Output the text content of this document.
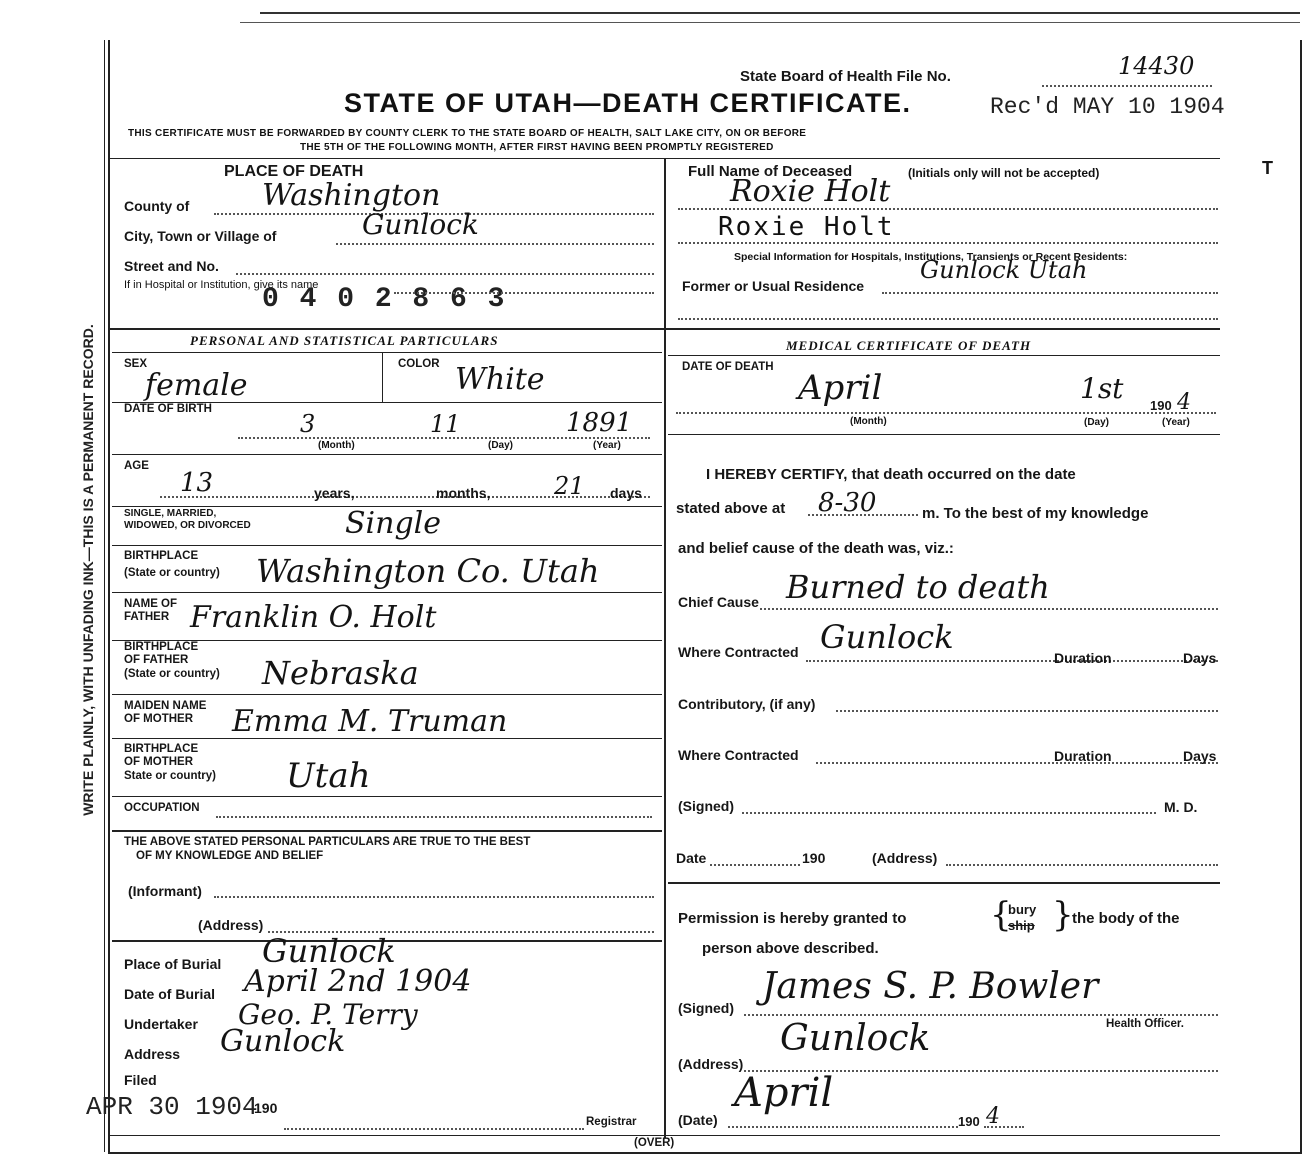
WRITE PLAINLY, WITH UNFADING INK—THIS IS A PERMANENT RECORD.
State Board of Health File No.	14430
STATE OF UTAH—DEATH CERTIFICATE.	Rec'd MAY 10 1904
THIS CERTIFICATE MUST BE FORWARDED BY COUNTY CLERK TO THE STATE BOARD OF HEALTH, SALT LAKE CITY, ON OR BEFORE
THE 5TH OF THE FOLLOWING MONTH, AFTER FIRST HAVING BEEN PROMPTLY REGISTERED
PLACE OF DEATH
County of Washington
City, Town or Village of	Gunlock
Street and No.
If in Hospital or Institution, give its name
0 4 0 2 8 6 3
Full Name of Deceased	(Initials only will not be accepted)
Roxie Holt
Roxie Holt
Special Information for Hospitals, Institutions, Transients or Recent Residents:
Former or Usual Residence
Gunlock Utah
PERSONAL AND STATISTICAL PARTICULARS
SEX
female
COLOR White
DATE OF BIRTH
3	11	1891
(Month)	(Day)	(Year)
AGE
13	years,	months,	21 days
SINGLE, MARRIED,
WIDOWED, OR DIVORCED	Single
BIRTHPLACE
(State or country) Washington Co. Utah
NAME OF
FATHER Franklin O. Holt
BIRTHPLACE
OF FATHER
(State or country) Nebraska
MAIDEN NAME
OF MOTHER Emma M. Truman
BIRTHPLACE
OF MOTHER
State or country) Utah
OCCUPATION
THE ABOVE STATED PERSONAL PARTICULARS ARE TRUE TO THE BEST
OF MY KNOWLEDGE AND BELIEF
(Informant)
(Address)
Place of Burial Gunlock
Date of Burial April 2nd 1904
Undertaker Geo. P. Terry
Address Gunlock
Filed
APR 30 1904
190
Registrar
(OVER)
MEDICAL CERTIFICATE OF DEATH
DATE OF DEATH
April	1st
190 4
(Month)	(Day)	(Year)
I HEREBY CERTIFY, that death occurred on the date
stated above at 8-30	m. To the best of my knowledge
and belief cause of the death was, viz.:
Chief Cause Burned to death
Where Contracted Gunlock
Duration	Days
Contributory, (if any)
Where Contracted	Duration	Days
(Signed)	M. D.
Date	190	(Address)
Permission is hereby granted to {
bury
ship }
the body of the
person above described.
(Signed)
James S. P. Bowler
Health Officer.
(Address)
Gunlock
(Date)
April
190 4
T
